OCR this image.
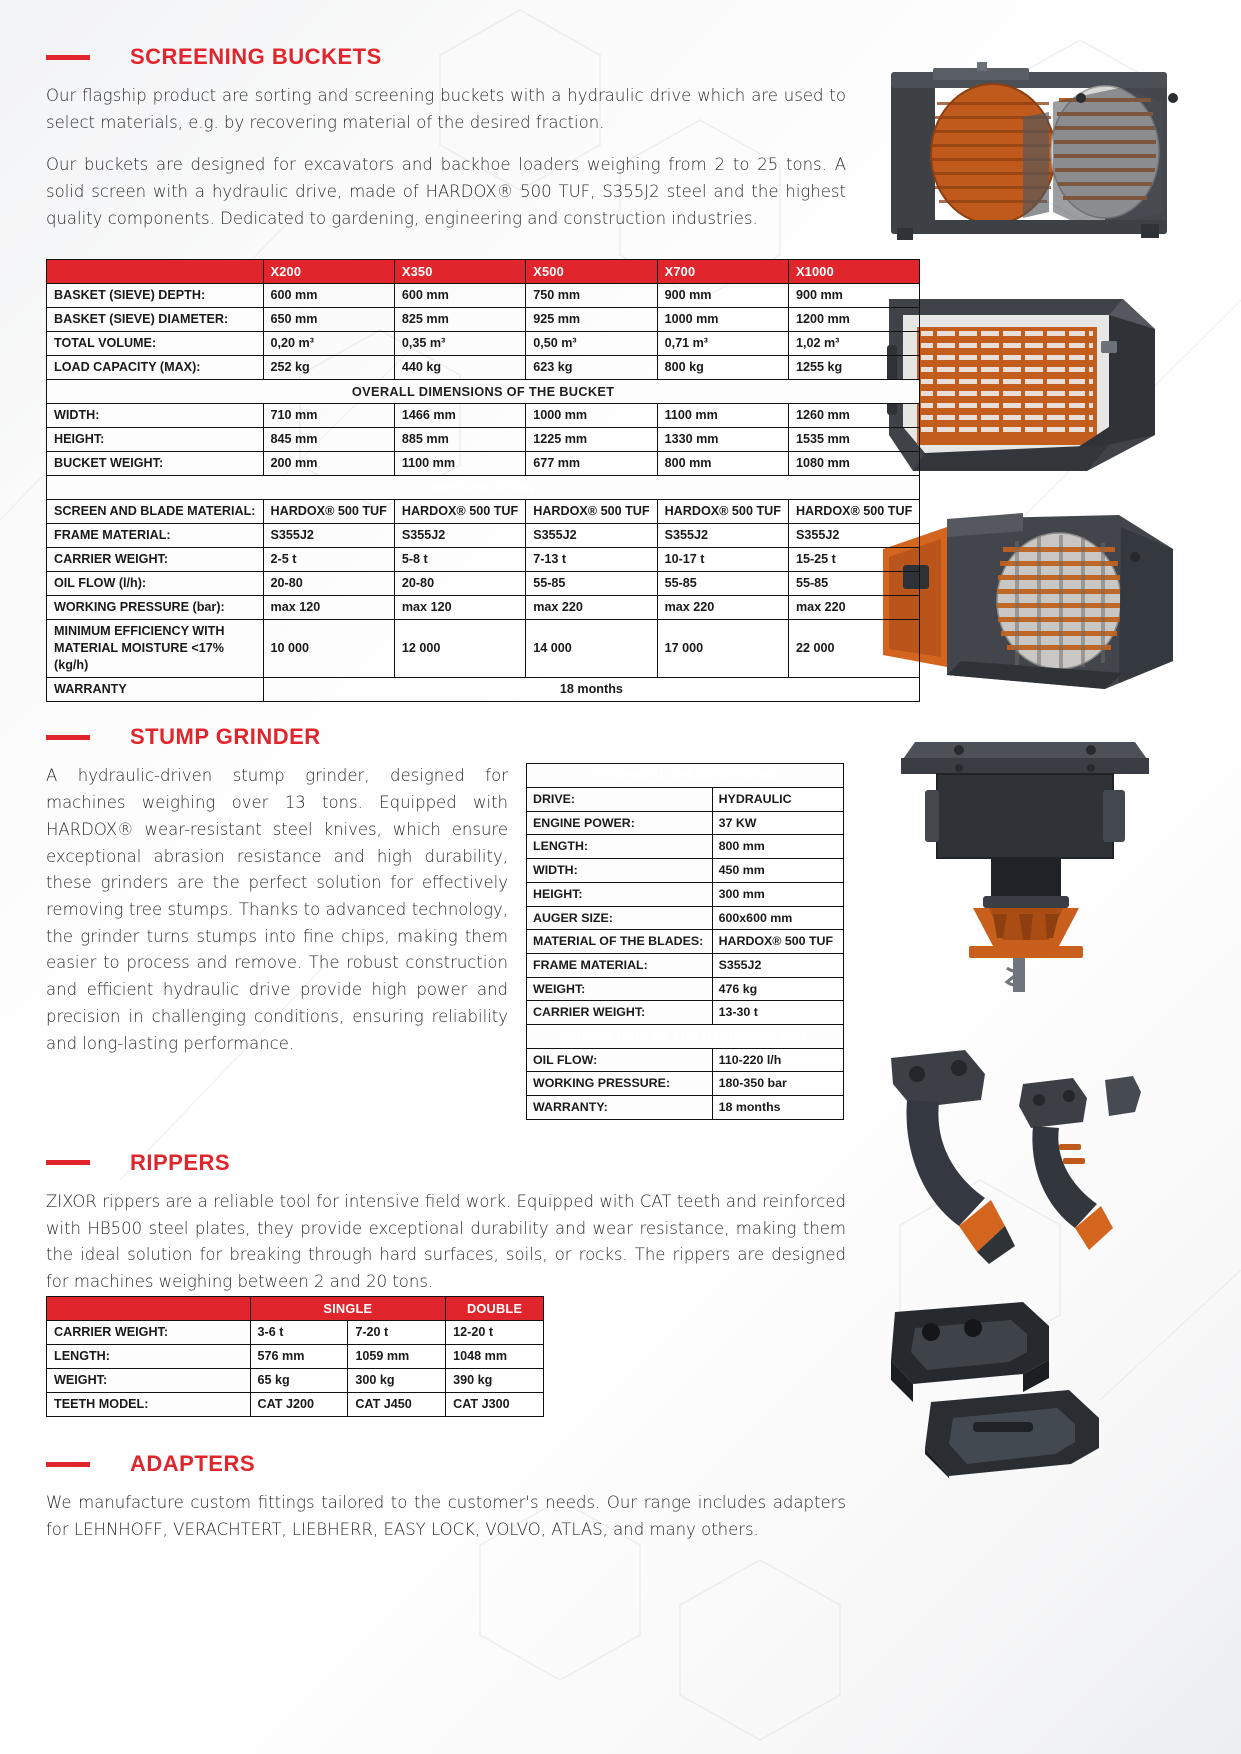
SCREENING BUCKETS

Our flagship product are sorting and screening buckets with a hydraulic drive which are used to select materials, e.g. by recovering material of the desired fraction.

Our buckets are designed for excavators and backhoe loaders weighing from 2 to 25 tons. A solid screen with a hydraulic drive, made of HARDOX® 500 TUF, S355J2 steel and the highest quality components. Dedicated to gardening, engineering and construction industries.

	X200	X350	X500	X700	X1000
BASKET (SIEVE) DEPTH:	600 mm	600 mm	750 mm	900 mm	900 mm
BASKET (SIEVE) DIAMETER:	650 mm	825 mm	925 mm	1000 mm	1200 mm
TOTAL VOLUME:	0,20 m³	0,35 m³	0,50 m³	0,71 m³	1,02 m³
LOAD CAPACITY (MAX):	252 kg	440 kg	623 kg	800 kg	1255 kg
OVERALL DIMENSIONS OF THE BUCKET					
WIDTH:	710 mm	1466 mm	1000 mm	1100 mm	1260 mm
HEIGHT:	845 mm	885 mm	1225 mm	1330 mm	1535 mm
BUCKET WEIGHT:	200 mm	1100 mm	677 mm	800 mm	1080 mm
SPECIFICATION					
SCREEN AND BLADE MATERIAL:	HARDOX® 500 TUF	HARDOX® 500 TUF	HARDOX® 500 TUF	HARDOX® 500 TUF	HARDOX® 500 TUF
FRAME MATERIAL:	S355J2	S355J2	S355J2	S355J2	S355J2
CARRIER WEIGHT:	2-5 t	5-8 t	7-13 t	10-17 t	15-25 t
OIL FLOW (l/h):	20-80	20-80	55-85	55-85	55-85
WORKING PRESSURE (bar):	max 120	max 120	max 220	max 220	max 220
MINIMUM EFFICIENCY WITH MATERIAL MOISTURE <17% (kg/h)	10 000	12 000	14 000	17 000	22 000
WARRANTY	18 months				
STUMP GRINDER

A hydraulic-driven stump grinder, designed for machines weighing over 13 tons. Equipped with HARDOX® wear-resistant steel knives, which ensure exceptional abrasion resistance and high durability, these grinders are the perfect solution for effectively removing tree stumps. Thanks to advanced technology, the grinder turns stumps into fine chips, making them easier to process and remove. The robust construction and efficient hydraulic drive provide high power and precision in challenging conditions, ensuring reliability and long-lasting performance.

TECHNICAL SPECIFICATIONS	
DRIVE:	HYDRAULIC
ENGINE POWER:	37 KW
LENGTH:	800 mm
WIDTH:	450 mm
HEIGHT:	300 mm
AUGER SIZE:	600x600 mm
MATERIAL OF THE BLADES:	HARDOX® 500 TUF
FRAME MATERIAL:	S355J2
WEIGHT:	476 kg
CARRIER WEIGHT:	13-30 t
PARAMETERS OF THE HYDRAULIC LINE	
OIL FLOW:	110-220 l/h
WORKING PRESSURE:	180-350 bar
WARRANTY:	18 months
RIPPERS

ZIXOR rippers are a reliable tool for intensive field work. Equipped with CAT teeth and reinforced with HB500 steel plates, they provide exceptional durability and wear resistance, making them the ideal solution for breaking through hard surfaces, soils, or rocks. The rippers are designed for machines weighing between 2 and 20 tons.

	SINGLE		DOUBLE
CARRIER WEIGHT:	3-6 t	7-20 t	12-20 t
LENGTH:	576 mm	1059 mm	1048 mm
WEIGHT:	65 kg	300 kg	390 kg
TEETH MODEL:	CAT J200	CAT J450	CAT J300
ADAPTERS

We manufacture custom fittings tailored to the customer's needs. Our range includes adapters for LEHNHOFF, VERACHTERT, LIEBHERR, EASY LOCK, VOLVO, ATLAS, and many others.
